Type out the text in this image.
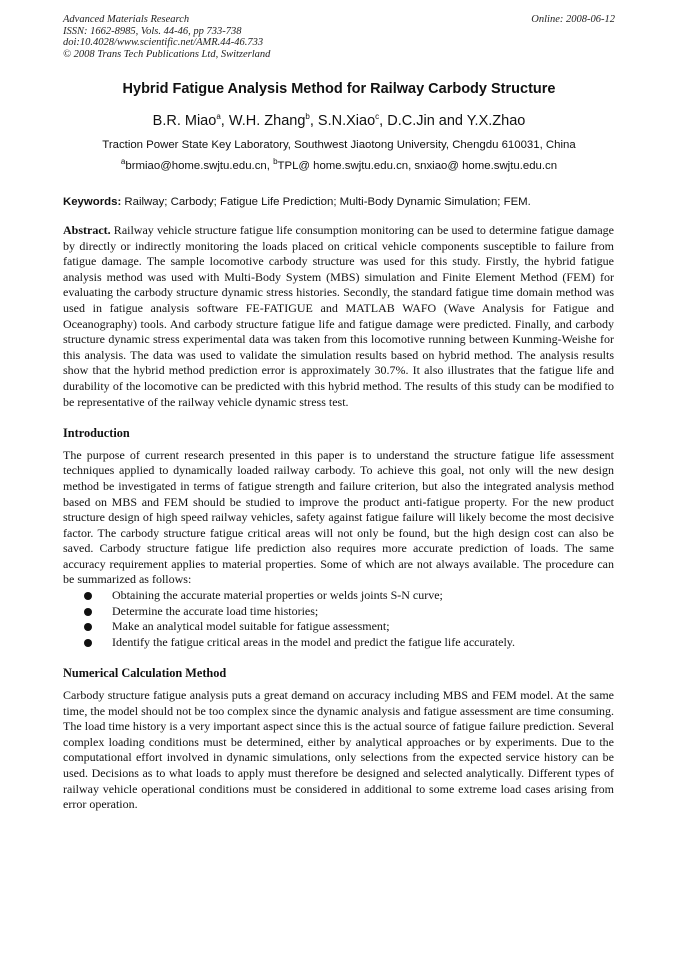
Advanced Materials Research
ISSN: 1662-8985, Vols. 44-46, pp 733-738
doi:10.4028/www.scientific.net/AMR.44-46.733
© 2008 Trans Tech Publications Ltd, Switzerland
Online: 2008-06-12
Hybrid Fatigue Analysis Method for Railway Carbody Structure
B.R. Miao$^a$, W.H. Zhang$^b$, S.N.Xiao$^c$, D.C.Jin and Y.X.Zhao
Traction Power State Key Laboratory, Southwest Jiaotong University, Chengdu 610031, China
$^a$brmiao@home.swjtu.edu.cn, $^b$TPL@ home.swjtu.edu.cn, snxiao@ home.swjtu.edu.cn
Keywords: Railway; Carbody; Fatigue Life Prediction; Multi-Body Dynamic Simulation; FEM.

Abstract. Railway vehicle structure fatigue life consumption monitoring can be used to determine fatigue damage by directly or indirectly monitoring the loads placed on critical vehicle components susceptible to failure from fatigue damage. The sample locomotive carbody structure was used for this study. Firstly, the hybrid fatigue analysis method was used with Multi-Body System (MBS) simulation and Finite Element Method (FEM) for evaluating the carbody structure dynamic stress histories. Secondly, the standard fatigue time domain method was used in fatigue analysis software FE-FATIGUE and MATLAB WAFO (Wave Analysis for Fatigue and Oceanography) tools. And carbody structure fatigue life and fatigue damage were predicted. Finally, and carbody structure dynamic stress experimental data was taken from this locomotive running between Kunming-Weishe for this analysis. The data was used to validate the simulation results based on hybrid method. The analysis results show that the hybrid method prediction error is approximately 30.7%. It also illustrates that the fatigue life and durability of the locomotive can be predicted with this hybrid method. The results of this study can be modified to be representative of the railway vehicle dynamic stress test.

Introduction

The purpose of current research presented in this paper is to understand the structure fatigue life assessment techniques applied to dynamically loaded railway carbody. To achieve this goal, not only will the new design method be investigated in terms of fatigue strength and failure criterion, but also the integrated analysis method based on MBS and FEM should be studied to improve the product anti-fatigue property. For the new product structure design of high speed railway vehicles, safety against fatigue failure will likely become the most decisive factor. The carbody structure fatigue critical areas will not only be found, but the high design cost can also be saved. Carbody structure fatigue life prediction also requires more accurate prediction of loads. The same accuracy requirement applies to material properties. Some of which are not always available. The procedure can be summarized as follows:

Obtaining the accurate material properties or welds joints S-N curve;
Determine the accurate load time histories;
Make an analytical model suitable for fatigue assessment;
Identify the fatigue critical areas in the model and predict the fatigue life accurately.
Numerical Calculation Method

Carbody structure fatigue analysis puts a great demand on accuracy including MBS and FEM model. At the same time, the model should not be too complex since the dynamic analysis and fatigue assessment are time consuming. The load time history is a very important aspect since this is the actual source of fatigue failure prediction. Several complex loading conditions must be determined, either by analytical approaches or by experiments. Due to the computational effort involved in dynamic simulations, only selections from the expected service history can be used. Decisions as to what loads to apply must therefore be designed and selected analytically. Different types of railway vehicle operational conditions must be considered in additional to some extreme load cases arising from error operation.
